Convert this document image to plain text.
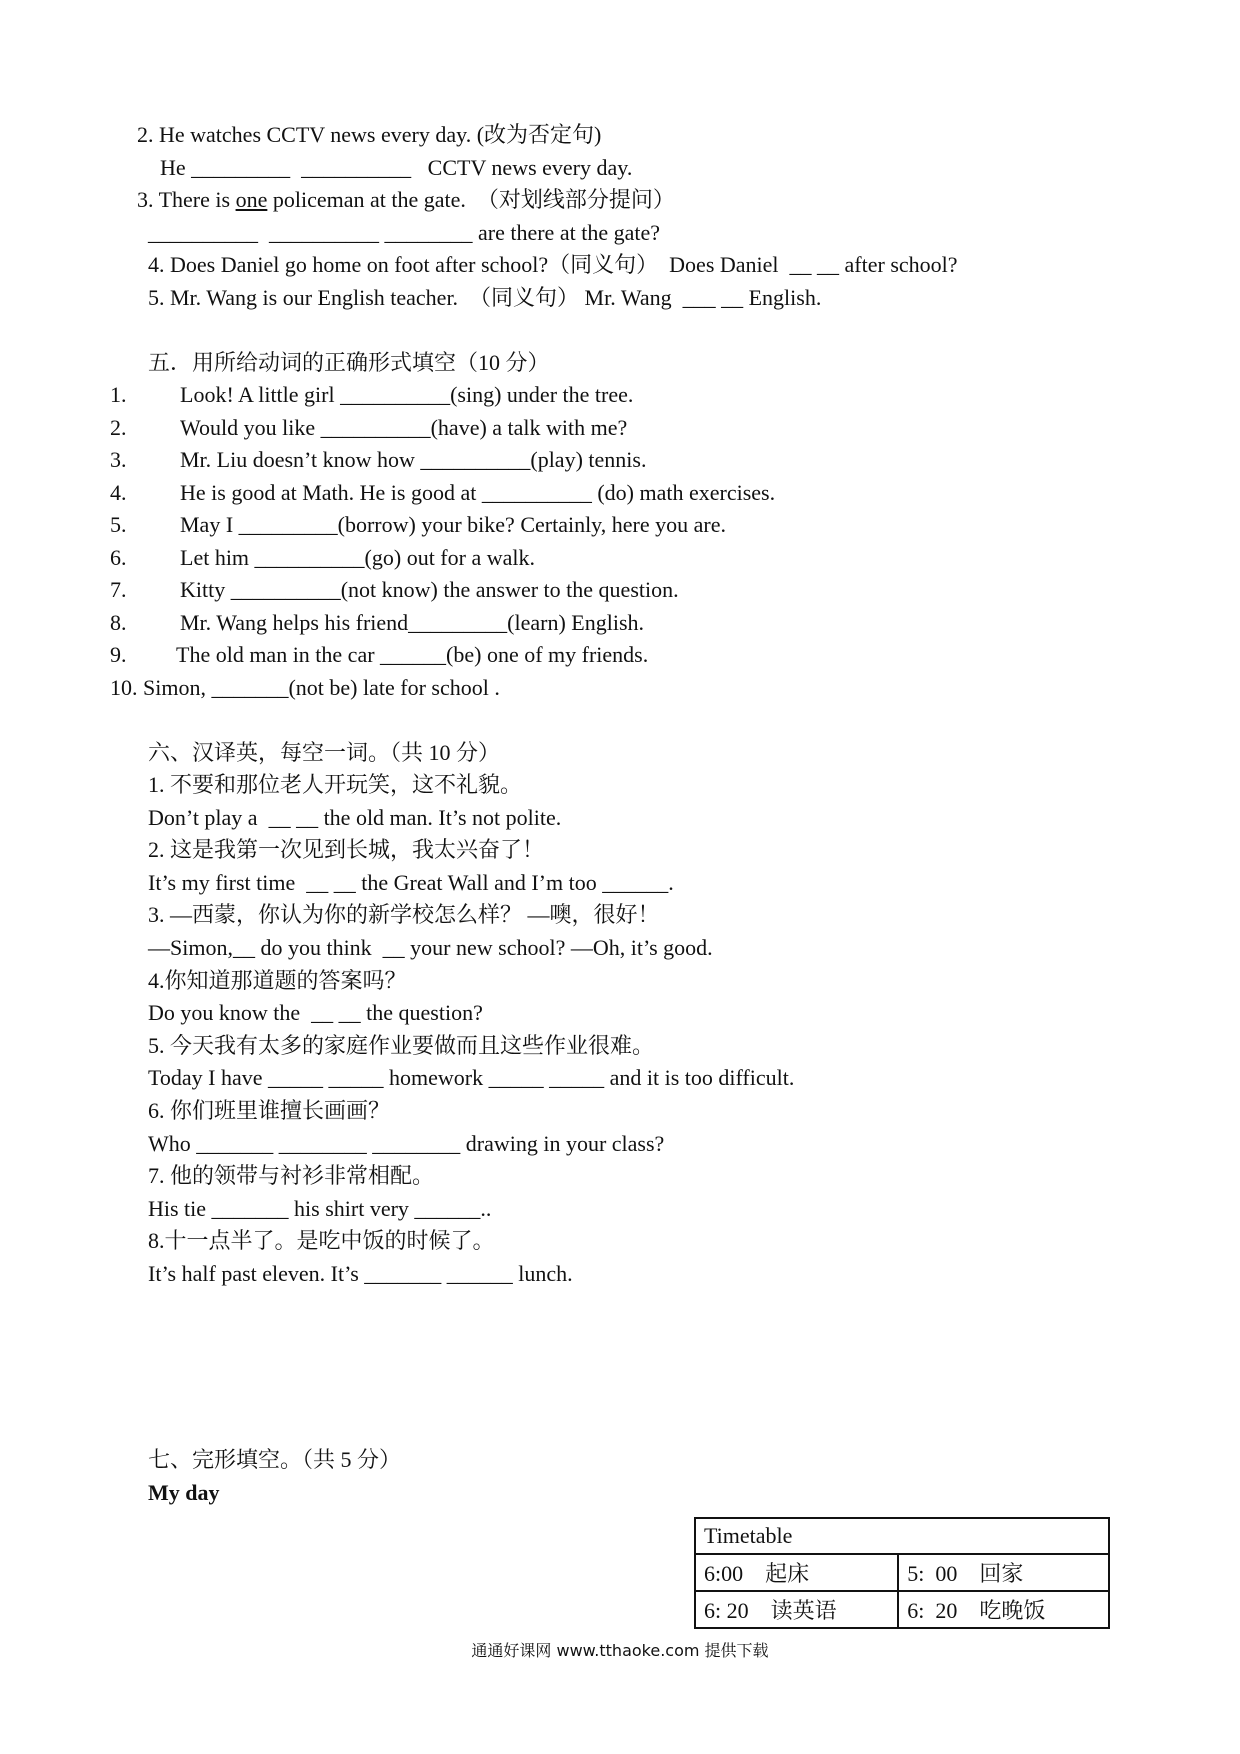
2. He watches CCTV news every day. (改为否定句)
He _________  __________   CCTV news every day.
3. There is one policeman at the gate.  （对划线部分提问）
__________  __________ ________ are there at the gate?
4. Does Daniel go home on foot after school?（同义句）  Does Daniel  __ __ after school?
5. Mr. Wang is our English teacher.  （同义句） Mr. Wang  ___ __ English.
五．用所给动词的正确形式填空（10 分）
1. Look! A little girl __________(sing) under the tree.
2. Would you like __________(have) a talk with me?
3. Mr. Liu doesn’t know how __________(play) tennis.
4. He is good at Math. He is good at __________ (do) math exercises.
5. May I _________(borrow) your bike? Certainly, here you are.
6. Let him __________(go) out for a walk.
7. Kitty __________(not know) the answer to the question.
8. Mr. Wang helps his friend_________(learn) English.
9. The old man in the car ______(be) one of my friends.
10. Simon, _______(not be) late for school .
六、汉译英，每空一词。（共 10 分）
1. 不要和那位老人开玩笑，这不礼貌。
Don’t play a  __ __ the old man. It’s not polite.
2. 这是我第一次见到长城，我太兴奋了！
It’s my first time  __ __ the Great Wall and I’m too ______.
3. —西蒙，你认为你的新学校怎么样？ —噢，很好！
—Simon,__ do you think  __ your new school? —Oh, it’s good.
4.你知道那道题的答案吗？
Do you know the  __ __ the question?
5. 今天我有太多的家庭作业要做而且这些作业很难。
Today I have _____ _____ homework _____ _____ and it is too difficult.
6. 你们班里谁擅长画画？
Who _______ ________ ________ drawing in your class?
7. 他的领带与衬衫非常相配。
His tie _______ his shirt very ______..
8.十一点半了。是吃中饭的时候了。
It’s half past eleven. It’s _______ ______ lunch.
七、完形填空。（共 5 分）
My day
Timetable	
6:00    起床	5:  00    回家
6: 20    读英语	6:  20    吃晚饭
通通好课网 www.tthaoke.com 提供下载
